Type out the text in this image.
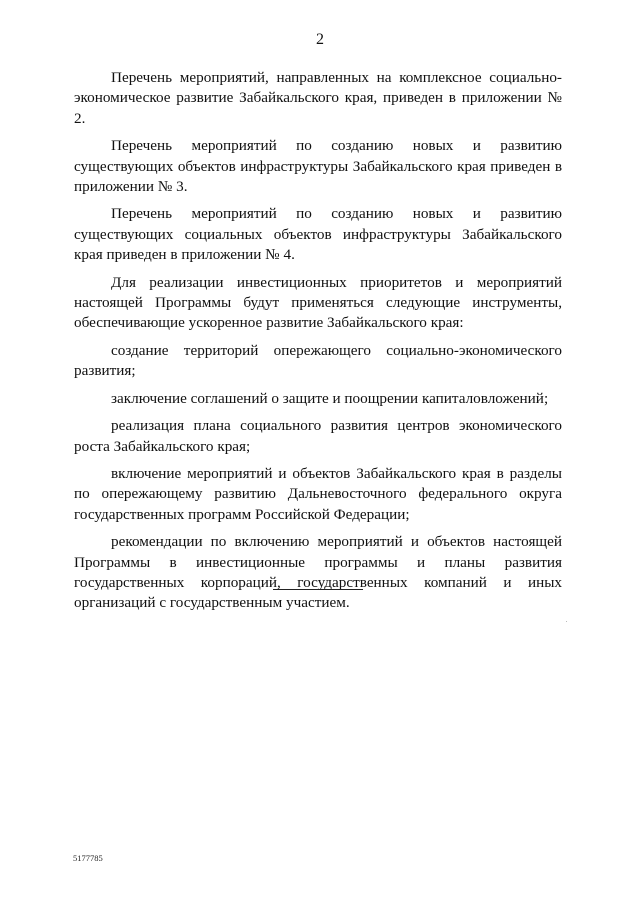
2

Перечень мероприятий, направленных на комплексное социально-экономическое развитие Забайкальского края, приведен в приложении № 2.

Перечень мероприятий по созданию новых и развитию существующих объектов инфраструктуры Забайкальского края приведен в приложении № 3.

Перечень мероприятий по созданию новых и развитию существующих социальных объектов инфраструктуры Забайкальского края приведен в приложении № 4.

Для реализации инвестиционных приоритетов и мероприятий настоящей Программы будут применяться следующие инструменты, обеспечивающие ускоренное развитие Забайкальского края:

создание территорий опережающего социально-экономического развития;

заключение соглашений о защите и поощрении капиталовложений;

реализация плана социального развития центров экономического роста Забайкальского края;

включение мероприятий и объектов Забайкальского края в разделы по опережающему развитию Дальневосточного федерального округа государственных программ Российской Федерации;

рекомендации по включению мероприятий и объектов настоящей Программы в инвестиционные программы и планы развития государственных корпораций, государственных компаний и иных организаций с государственным участием.

5177785
